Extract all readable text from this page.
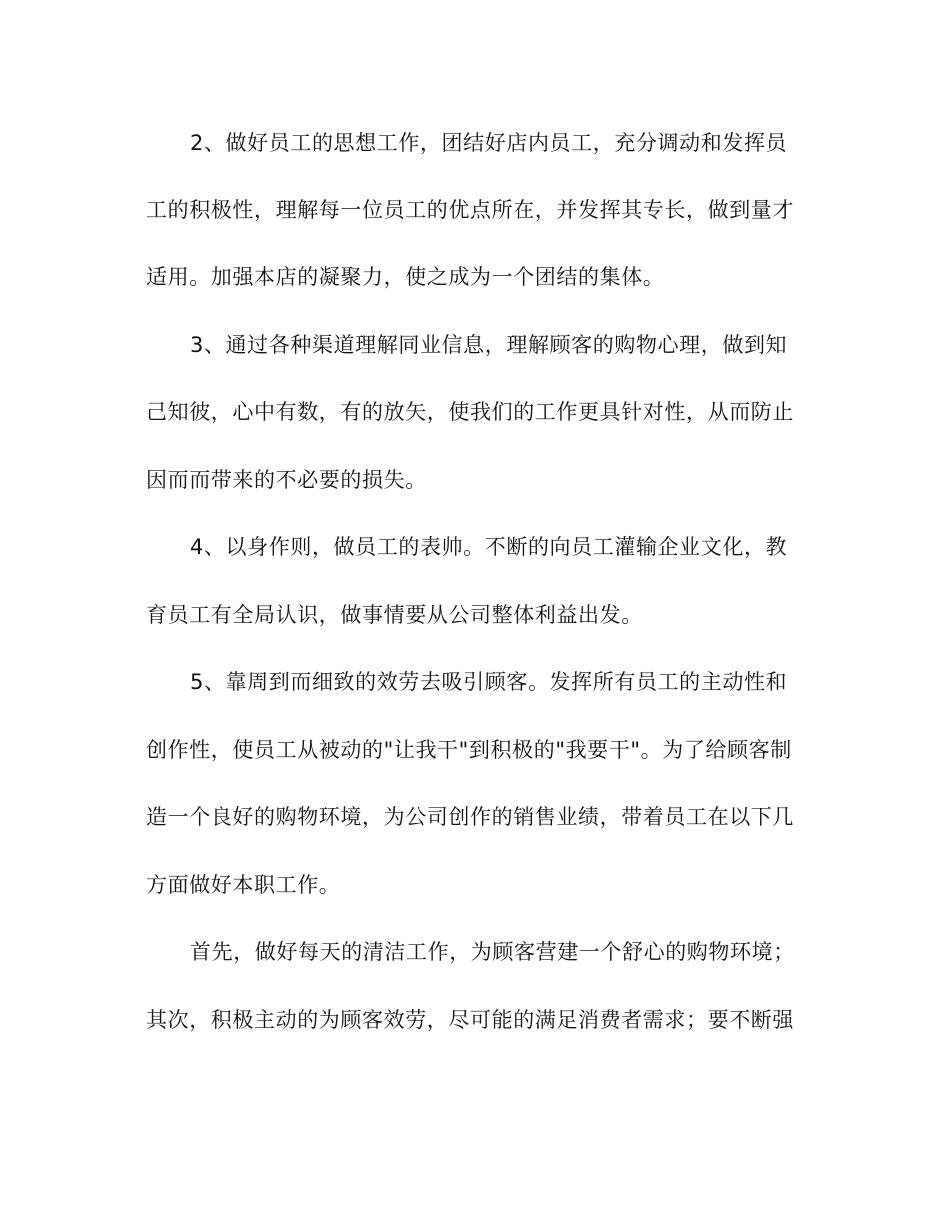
2、做好员工的思想工作，团结好店内员工，充分调动和发挥员
工的积极性，理解每一位员工的优点所在，并发挥其专长，做到量才
适用。加强本店的凝聚力，使之成为一个团结的集体。
3、通过各种渠道理解同业信息，理解顾客的购物心理，做到知
己知彼，心中有数，有的放矢，使我们的工作更具针对性，从而防止
因而而带来的不必要的损失。
4、以身作则，做员工的表帅。不断的向员工灌输企业文化，教
育员工有全局认识，做事情要从公司整体利益出发。
5、靠周到而细致的效劳去吸引顾客。发挥所有员工的主动性和
创作性，使员工从被动的"让我干"到积极的"我要干"。为了给顾客制
造一个良好的购物环境，为公司创作的销售业绩，带着员工在以下几
方面做好本职工作。
首先，做好每天的清洁工作，为顾客营建一个舒心的购物环境；
其次，积极主动的为顾客效劳，尽可能的满足消费者需求；要不断强
